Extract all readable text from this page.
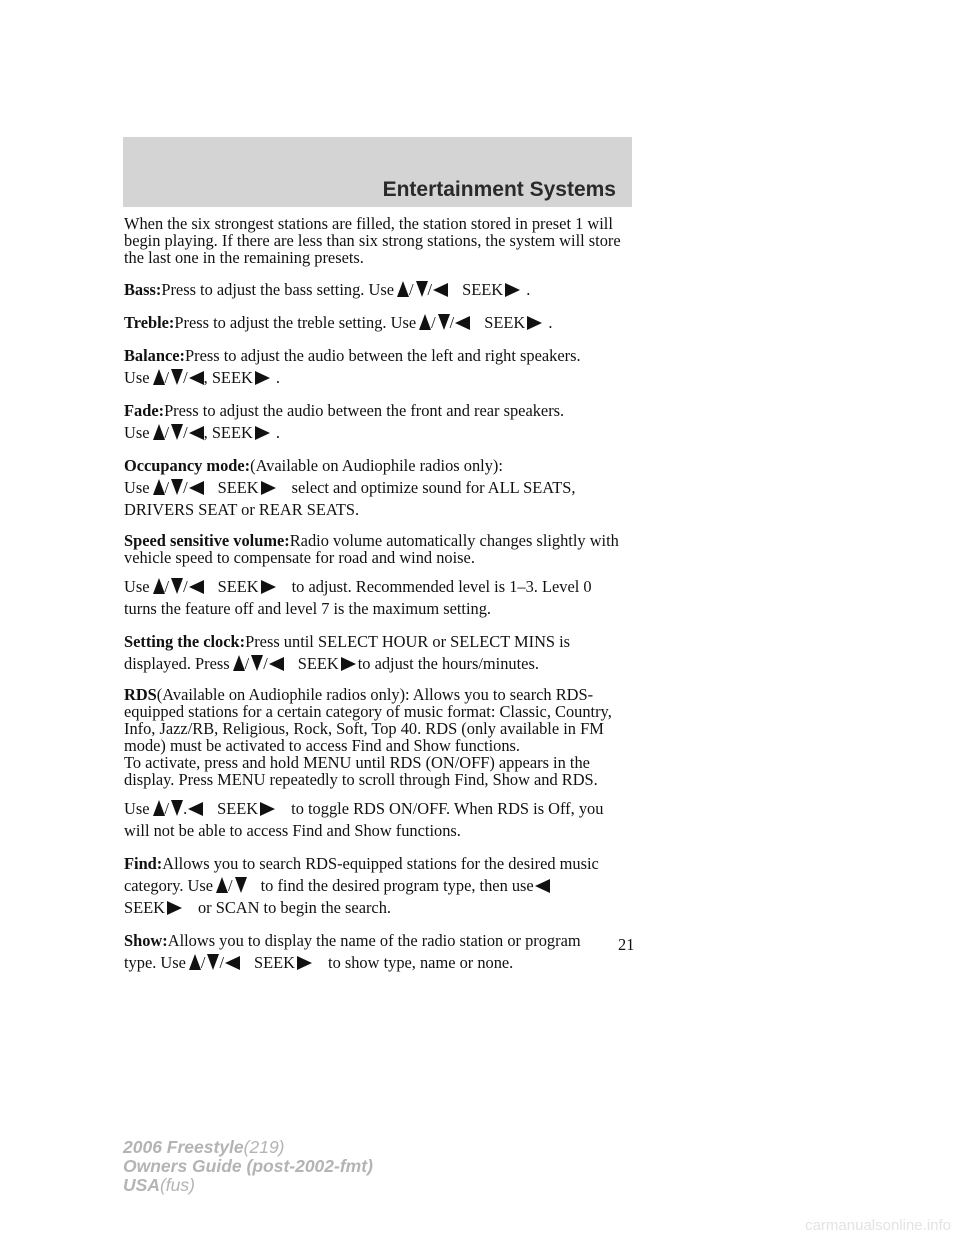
Entertainment Systems

When the six strongest stations are filled, the station stored in preset 1 will begin playing. If there are less than six strong stations, the system will store the last one in the remaining presets.

Bass:Press to adjust the bass setting. Use / / SEEK .

Treble:Press to adjust the treble setting. Use / / SEEK .

Balance:Press to adjust the audio between the left and right speakers.

Use / / , SEEK .

Fade:Press to adjust the audio between the front and rear speakers.

Use / / , SEEK .

Occupancy mode:(Available on Audiophile radios only):

Use / / SEEK select and optimize sound for ALL SEATS,

DRIVERS SEAT or REAR SEATS.

Speed sensitive volume:Radio volume automatically changes slightly with vehicle speed to compensate for road and wind noise.

Use / / SEEK to adjust. Recommended level is 1–3. Level 0

turns the feature off and level 7 is the maximum setting.

Setting the clock:Press until SELECT HOUR or SELECT MINS is

displayed. Press / / SEEK to adjust the hours/minutes.

RDS(Available on Audiophile radios only): Allows you to search RDS-equipped stations for a certain category of music format: Classic, Country, Info, Jazz/RB, Religious, Rock, Soft, Top 40. RDS (only available in FM mode) must be activated to access Find and Show functions.

To activate, press and hold MENU until RDS (ON/OFF) appears in the display. Press MENU repeatedly to scroll through Find, Show and RDS.

Use / . SEEK to toggle RDS ON/OFF. When RDS is Off, you

will not be able to access Find and Show functions.

Find:Allows you to search RDS-equipped stations for the desired music

category. Use / to find the desired program type, then use

SEEK or SCAN to begin the search.

Show:Allows you to display the name of the radio station or program

type. Use / / SEEK to show type, name or none.

21
2006 Freestyle(219)
Owners Guide (post-2002-fmt)
USA(fus)
carmanualsonline.info
